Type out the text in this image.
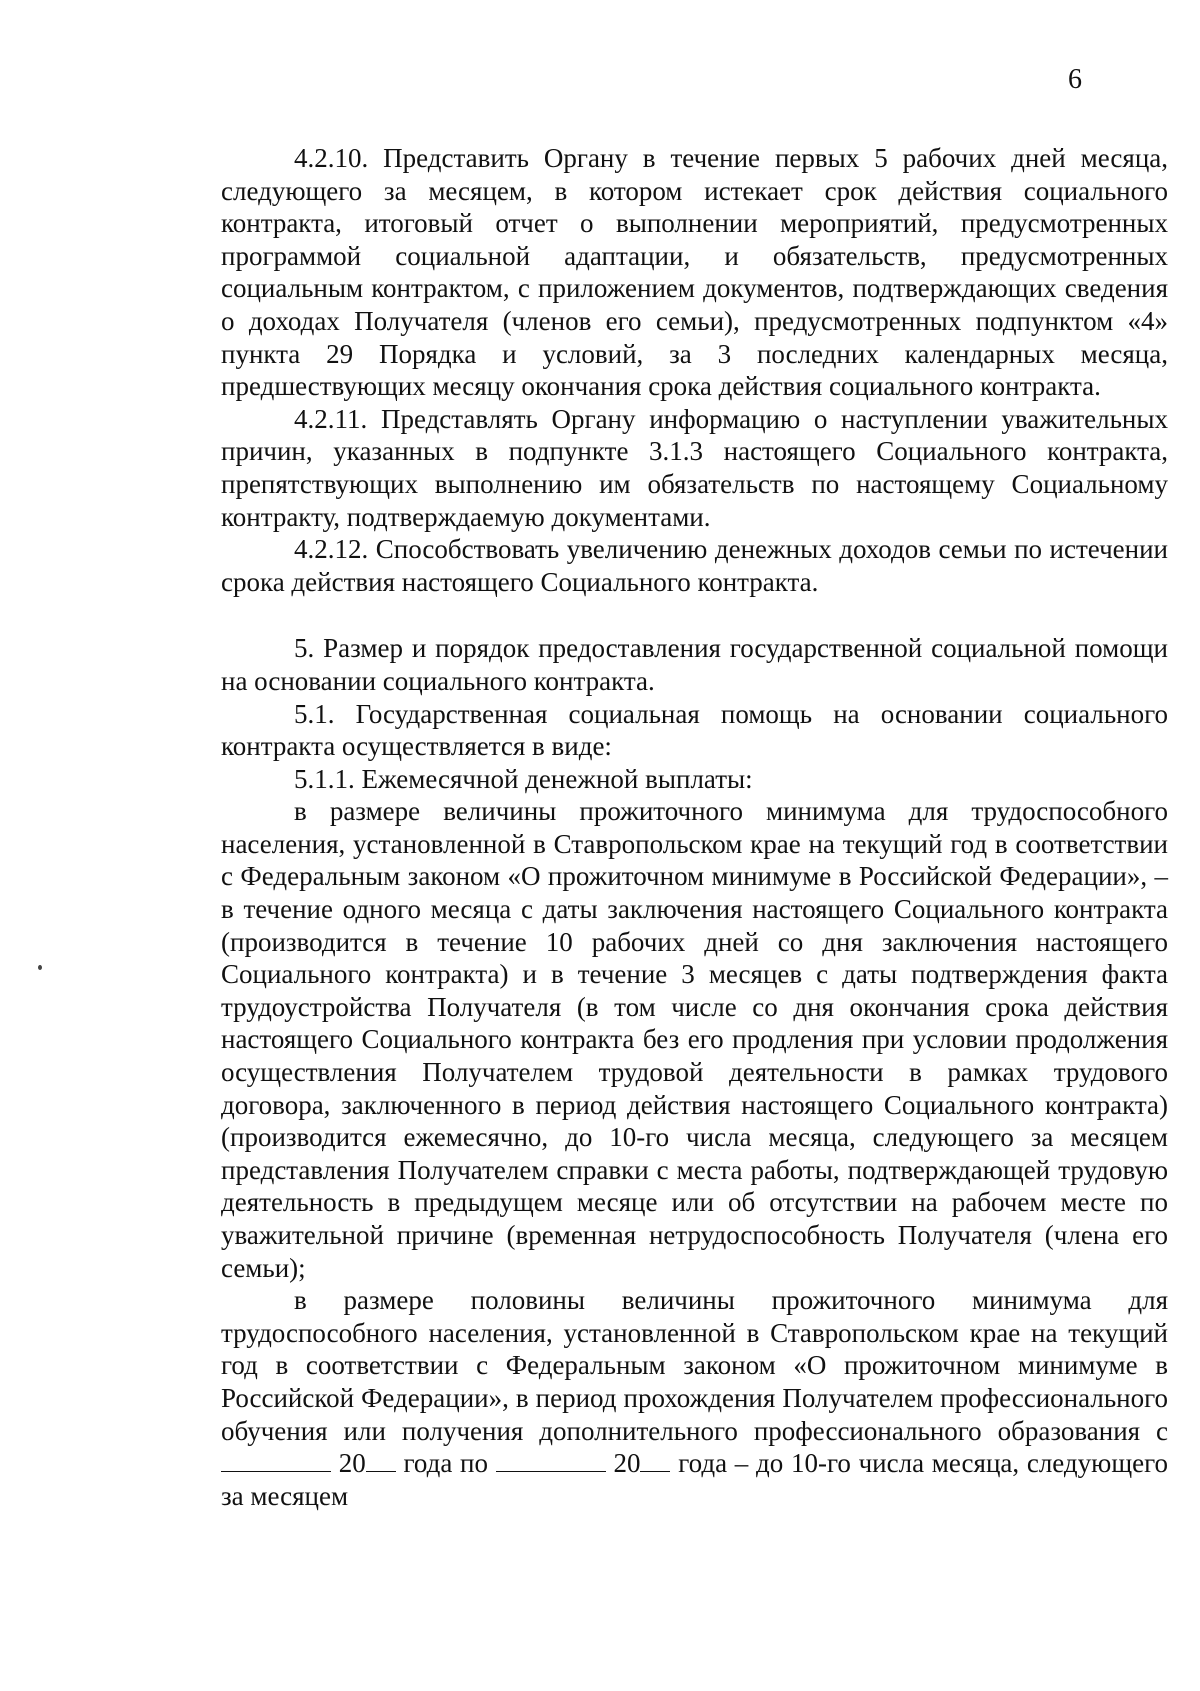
6

4.2.10. Представить Органу в течение первых 5 рабочих дней месяца, следующего за месяцем, в котором истекает срок действия социального контракта, итоговый отчет о выполнении мероприятий, предусмотренных программой социальной адаптации, и обязательств, предусмотренных социальным контрактом, с приложением документов, подтверждающих сведения о доходах Получателя (членов его семьи), предусмотренных подпунктом «4» пункта 29 Порядка и условий, за 3 последних календарных месяца, предшествующих месяцу окончания срока действия социального контракта.

4.2.11. Представлять Органу информацию о наступлении уважительных причин, указанных в подпункте 3.1.3 настоящего Социального контракта, препятствующих выполнению им обязательств по настоящему Социальному контракту, подтверждаемую документами.

4.2.12. Способствовать увеличению денежных доходов семьи по истечении срока действия настоящего Социального контракта.

5. Размер и порядок предоставления государственной социальной помощи на основании социального контракта.

5.1. Государственная социальная помощь на основании социального контракта осуществляется в виде:

5.1.1. Ежемесячной денежной выплаты:

в размере величины прожиточного минимума для трудоспособного населения, установленной в Ставропольском крае на текущий год в соответствии с Федеральным законом «О прожиточном минимуме в Российской Федерации», – в течение одного месяца с даты заключения настоящего Социального контракта (производится в течение 10 рабочих дней со дня заключения настоящего Социального контракта) и в течение 3 месяцев с даты подтверждения факта трудоустройства Получателя (в том числе со дня окончания срока действия настоящего Социального контракта без его продления при условии продолжения осуществления Получателем трудовой деятельности в рамках трудового договора, заключенного в период действия настоящего Социального контракта) (производится ежемесячно, до 10-го числа месяца, следующего за месяцем представления Получателем справки с места работы, подтверждающей трудовую деятельность в предыдущем месяце или об отсутствии на рабочем месте по уважительной причине (временная нетрудоспособность Получателя (члена его семьи);

в размере половины величины прожиточного минимума для трудоспособного населения, установленной в Ставропольском крае на текущий год в соответствии с Федеральным законом «О прожиточном минимуме в Российской Федерации», в период прохождения Получателем профессионального обучения или получения дополнительного профессионального образования с  20 года по	20 года – до 10-го числа месяца, следующего за месяцем
